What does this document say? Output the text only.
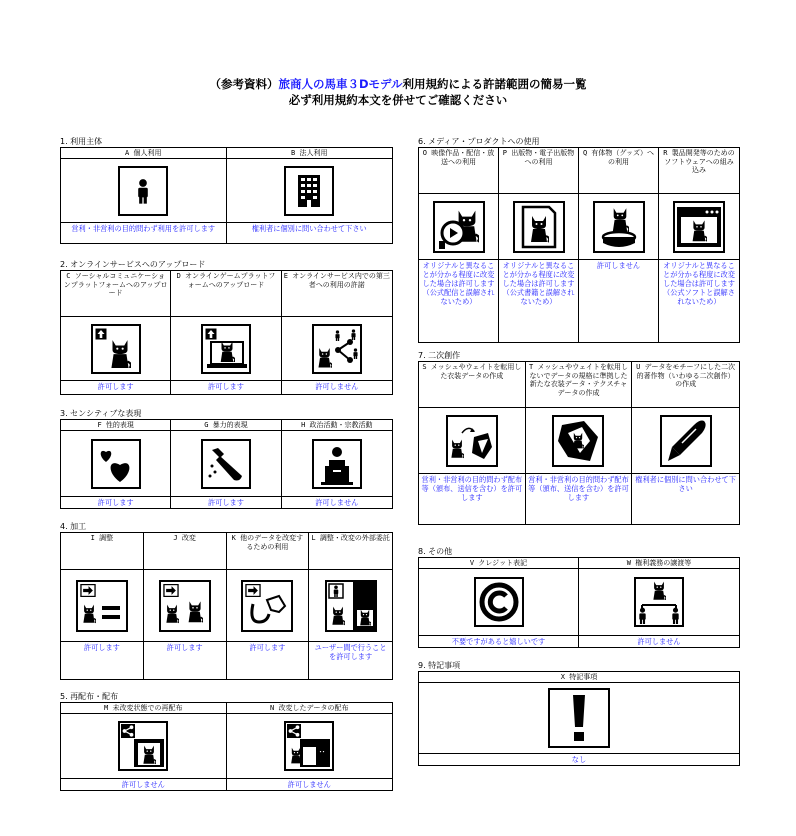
（参考資料）旅商人の馬車３Dモデル利用規約による許諾範囲の簡易一覧
必ず利用規約本文を併せてご確認ください
1. 利用主体
A 個人利用
営利・非営利の目的問わず利用を許可します
B 法人利用
権利者に個別に問い合わせて下さい
2. オンラインサービスへのアップロード
C ソーシャルコミュニケーションプラットフォームへのアップロード
許可します
D オンラインゲームプラットフォームへのアップロード
許可します
E オンラインサービス内での第三者への利用の許諾
許可しません
3. センシティブな表現
F 性的表現
許可します
G 暴力的表現
許可します
H 政治活動・宗教活動
許可しません
4. 加工
I 調整
許可します
J 改変
許可します
K 他のデータを改変するための利用
許可します
L 調整・改変の外部委託
ユーザー間で行うことを許可します
5. 再配布・配布
M 未改変状態での再配布
許可しません
N 改変したデータの配布
許可しません
6. メディア・プロダクトへの使用
O 映像作品・配信・放送への利用
オリジナルと異なることが分かる程度に改変した場合は許可します（公式配信と誤解されないため）
P 出版物・電子出版物への利用
オリジナルと異なることが分かる程度に改変した場合は許可します（公式書籍と誤解されないため）
Q 有体物（グッズ）への利用
許可しません
R 製品開発等のためのソフトウェアへの組み込み
オリジナルと異なることが分かる程度に改変した場合は許可します（公式ソフトと誤解されないため）
7. 二次創作
S メッシュやウェイトを転用した衣装データの作成
営利・非営利の目的問わず配布等（頒布、送信を含む）を許可します
T メッシュやウェイトを転用しないでデータの規格に準拠した新たな衣装データ・テクスチャデータの作成
営利・非営利の目的問わず配布等（頒布、送信を含む）を許可します
U データをモチーフにした二次的著作物（いわゆる二次創作）の作成
権利者に個別に問い合わせて下さい
8. その他
V クレジット表記
不要ですがあると嬉しいです
W 権利義務の譲渡等
許可しません
9. 特記事項
X 特記事項
なし
